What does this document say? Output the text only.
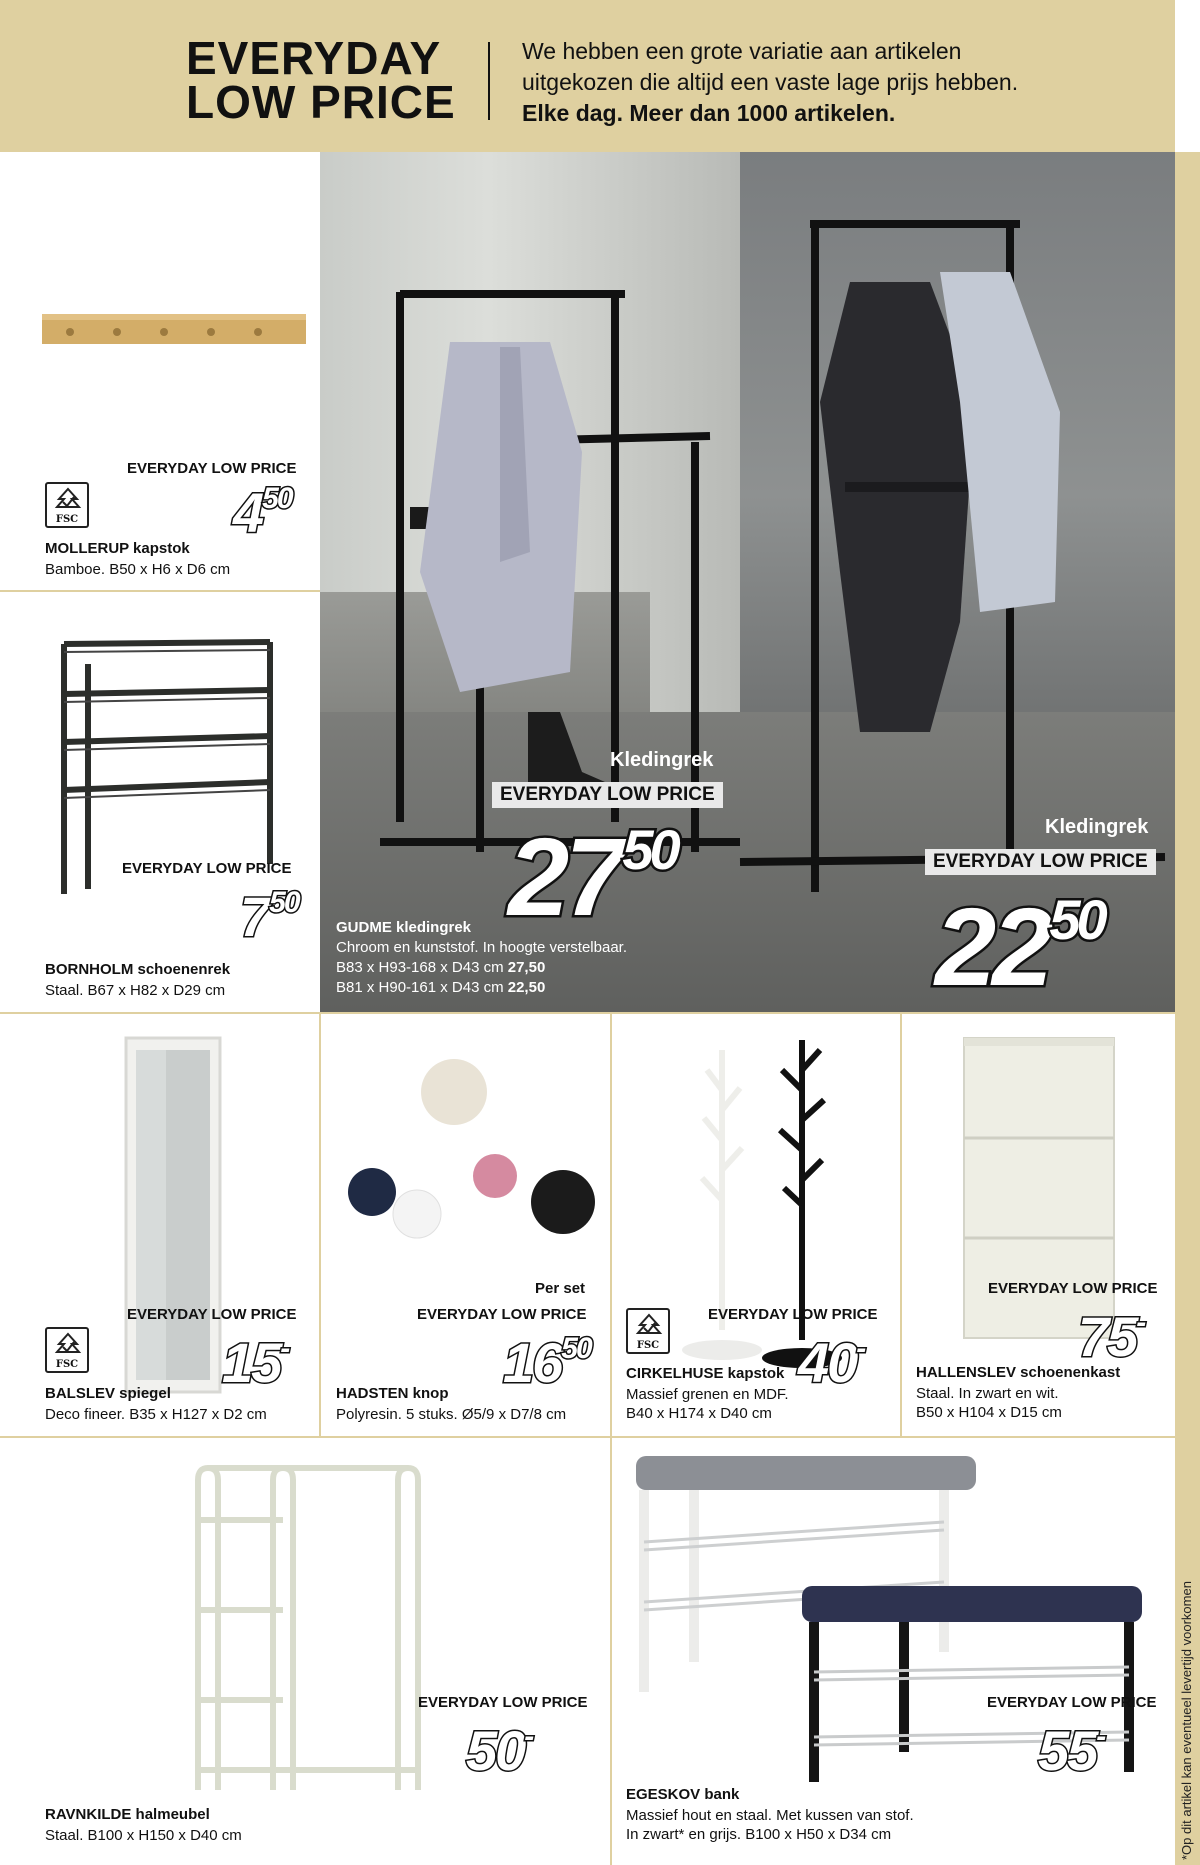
EVERYDAY
LOW PRICE
We hebben een grote variatie aan artikelen
uitgekozen die altijd een vaste lage prijs hebben.
Elke dag. Meer dan 1000 artikelen.
*Op dit artikel kan eventueel levertijd voorkomen
EVERYDAY LOW PRICE
FSC	450
MOLLERUP kapstok
Bamboe. B50 x H6 x D6 cm
EVERYDAY LOW PRICE
750
BORNHOLM schoenenrek
Staal. B67 x H82 x D29 cm
Kledingrek
EVERYDAY LOW PRICE
2750	Kledingrek
EVERYDAY LOW PRICE
2250
GUDME kledingrek
Chroom en kunststof. In hoogte verstelbaar.
B83 x H93-168 x D43 cm 27,50
B81 x H90-161 x D43 cm 22,50
EVERYDAY LOW PRICE
FSC	15-
BALSLEV spiegel
Deco fineer. B35 x H127 x D2 cm
Per set
EVERYDAY LOW PRICE
1650
HADSTEN knop
Polyresin. 5 stuks. Ø5/9 x D7/8 cm
EVERYDAY LOW PRICE
FSC 40-
CIRKELHUSE kapstok
Massief grenen en MDF.
B40 x H174 x D40 cm
EVERYDAY LOW PRICE
75-
HALLENSLEV schoenenkast
Staal. In zwart en wit.
B50 x H104 x D15 cm
EVERYDAY LOW PRICE
50-
RAVNKILDE halmeubel
Staal. B100 x H150 x D40 cm
EVERYDAY LOW PRICE
55-
EGESKOV bank
Massief hout en staal. Met kussen van stof.
In zwart* en grijs. B100 x H50 x D34 cm
